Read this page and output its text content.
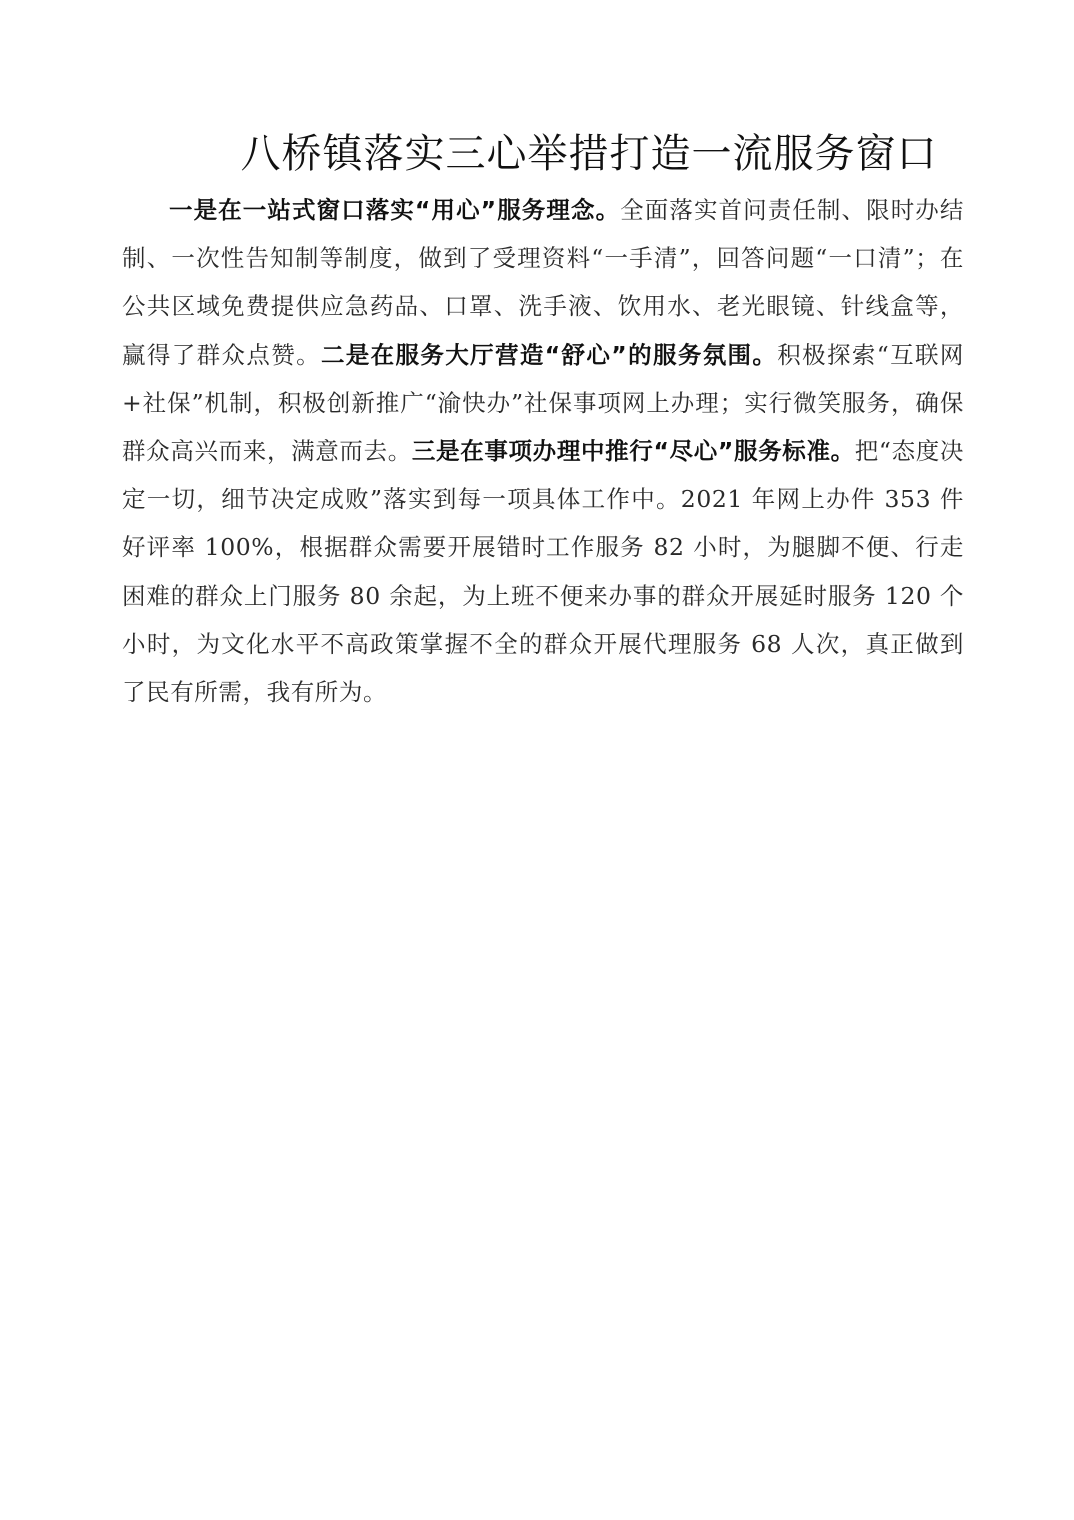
八桥镇落实三心举措打造一流服务窗口

一是在一站式窗口落实“用心”服务理念。全面落实首问责任制、限时办结制、一次性告知制等制度，做到了受理资料“一手清”，回答问题“一口清”；在公共区域免费提供应急药品、口罩、洗手液、饮用水、老光眼镜、针线盒等，赢得了群众点赞。二是在服务大厅营造“舒心”的服务氛围。积极探索“互联网+社保”机制，积极创新推广“渝快办”社保事项网上办理；实行微笑服务，确保群众高兴而来，满意而去。三是在事项办理中推行“尽心”服务标准。把“态度决定一切，细节决定成败”落实到每一项具体工作中。2021 年网上办件 353 件好评率 100%，根据群众需要开展错时工作服务 82 小时，为腿脚不便、行走困难的群众上门服务 80 余起，为上班不便来办事的群众开展延时服务 120 个小时，为文化水平不高政策掌握不全的群众开展代理服务 68 人次，真正做到了民有所需，我有所为。
